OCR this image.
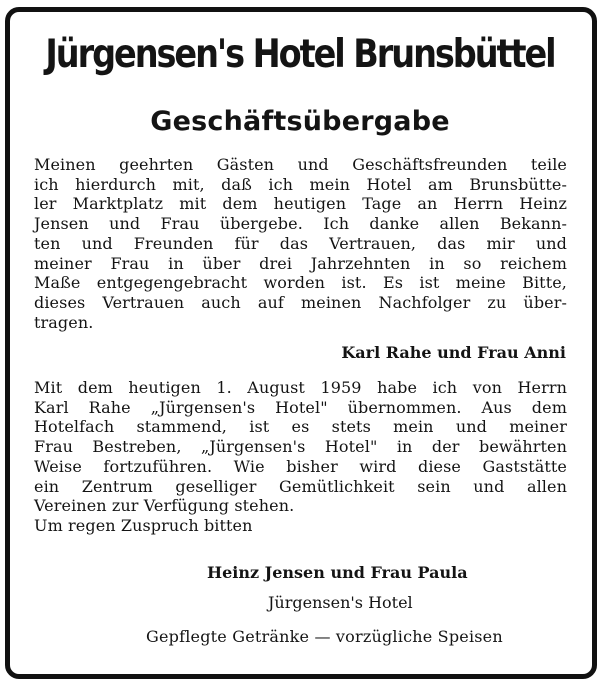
Jürgensen's Hotel Brunsbüttel
Geschäftsübergabe
Meinen geehrten Gästen und Geschäftsfreunden teile
ich hierdurch mit, daß ich mein Hotel am Brunsbütte-
ler Marktplatz mit dem heutigen Tage an Herrn Heinz
Jensen und Frau übergebe. Ich danke allen Bekann-
ten und Freunden für das Vertrauen, das mir und
meiner Frau in über drei Jahrzehnten in so reichem
Maße entgegengebracht worden ist. Es ist meine Bitte,
dieses Vertrauen auch auf meinen Nachfolger zu über-
tragen.
Karl Rahe und Frau Anni
Mit dem heutigen 1. August 1959 habe ich von Herrn
Karl Rahe „Jürgensen's Hotel" übernommen. Aus dem
Hotelfach stammend, ist es stets mein und meiner
Frau Bestreben, „Jürgensen's Hotel" in der bewährten
Weise fortzuführen. Wie bisher wird diese Gaststätte
ein Zentrum geselliger Gemütlichkeit sein und allen
Vereinen zur Verfügung stehen.
Um regen Zuspruch bitten
Heinz Jensen und Frau Paula
Jürgensen's Hotel
Gepflegte Getränke — vorzügliche Speisen
